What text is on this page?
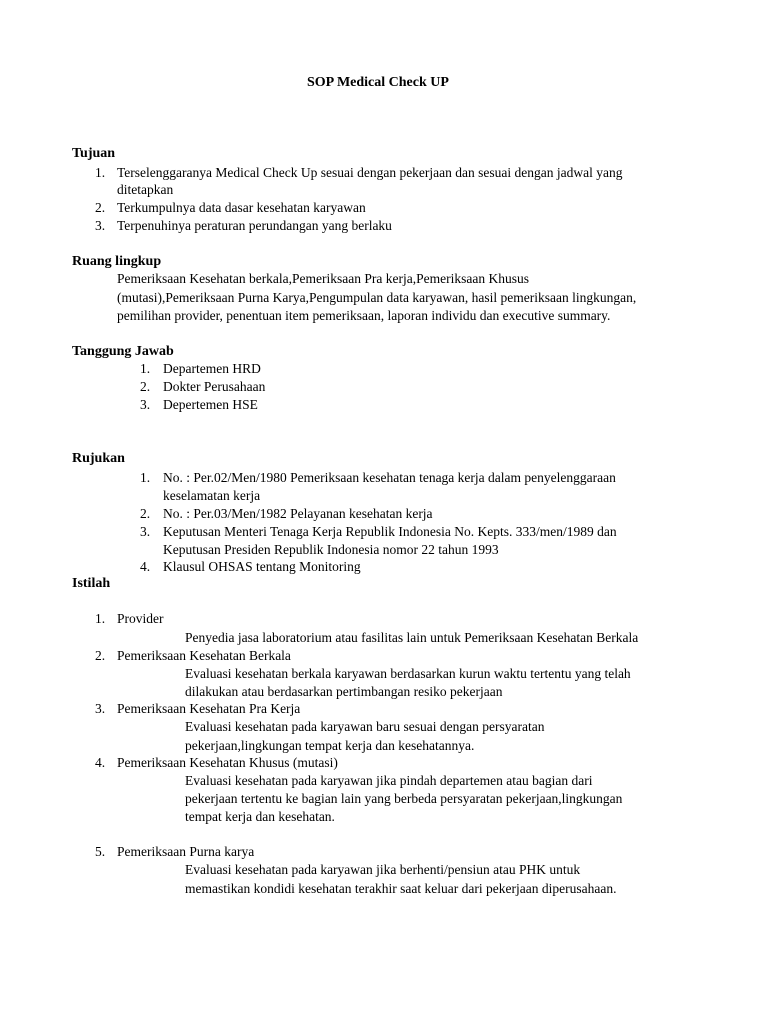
SOP Medical Check UP
Tujuan
1. Terselenggaranya Medical Check Up sesuai dengan pekerjaan dan sesuai dengan jadwal yang
ditetapkan
2. Terkumpulnya data dasar kesehatan karyawan
3. Terpenuhinya peraturan perundangan yang berlaku
Ruang lingkup
Pemeriksaan Kesehatan berkala,Pemeriksaan Pra kerja,Pemeriksaan Khusus
(mutasi),Pemeriksaan Purna Karya,Pengumpulan data karyawan, hasil pemeriksaan lingkungan,
pemilihan provider, penentuan item pemeriksaan, laporan individu dan executive summary.
Tanggung Jawab
1. Departemen HRD
2. Dokter Perusahaan
3. Depertemen HSE
Rujukan
1. No. : Per.02/Men/1980 Pemeriksaan kesehatan tenaga kerja dalam penyelenggaraan
keselamatan kerja
2. No. : Per.03/Men/1982 Pelayanan kesehatan kerja
3. Keputusan Menteri Tenaga Kerja Republik Indonesia No. Kepts. 333/men/1989 dan
Keputusan Presiden Republik Indonesia nomor 22 tahun 1993
4. Klausul OHSAS tentang Monitoring
Istilah
1. Provider
Penyedia jasa laboratorium atau fasilitas lain untuk Pemeriksaan Kesehatan Berkala
2. Pemeriksaan Kesehatan Berkala
Evaluasi kesehatan berkala karyawan berdasarkan kurun waktu tertentu yang telah
dilakukan atau berdasarkan pertimbangan resiko pekerjaan
3. Pemeriksaan Kesehatan Pra Kerja
Evaluasi kesehatan pada karyawan baru sesuai dengan persyaratan
pekerjaan,lingkungan tempat kerja dan kesehatannya.
4. Pemeriksaan Kesehatan Khusus (mutasi)
Evaluasi kesehatan pada karyawan jika pindah departemen atau bagian dari
pekerjaan tertentu ke bagian lain yang berbeda persyaratan pekerjaan,lingkungan
tempat kerja dan kesehatan.
5. Pemeriksaan Purna karya
Evaluasi kesehatan pada karyawan jika berhenti/pensiun atau PHK untuk
memastikan kondidi kesehatan terakhir saat keluar dari pekerjaan diperusahaan.
